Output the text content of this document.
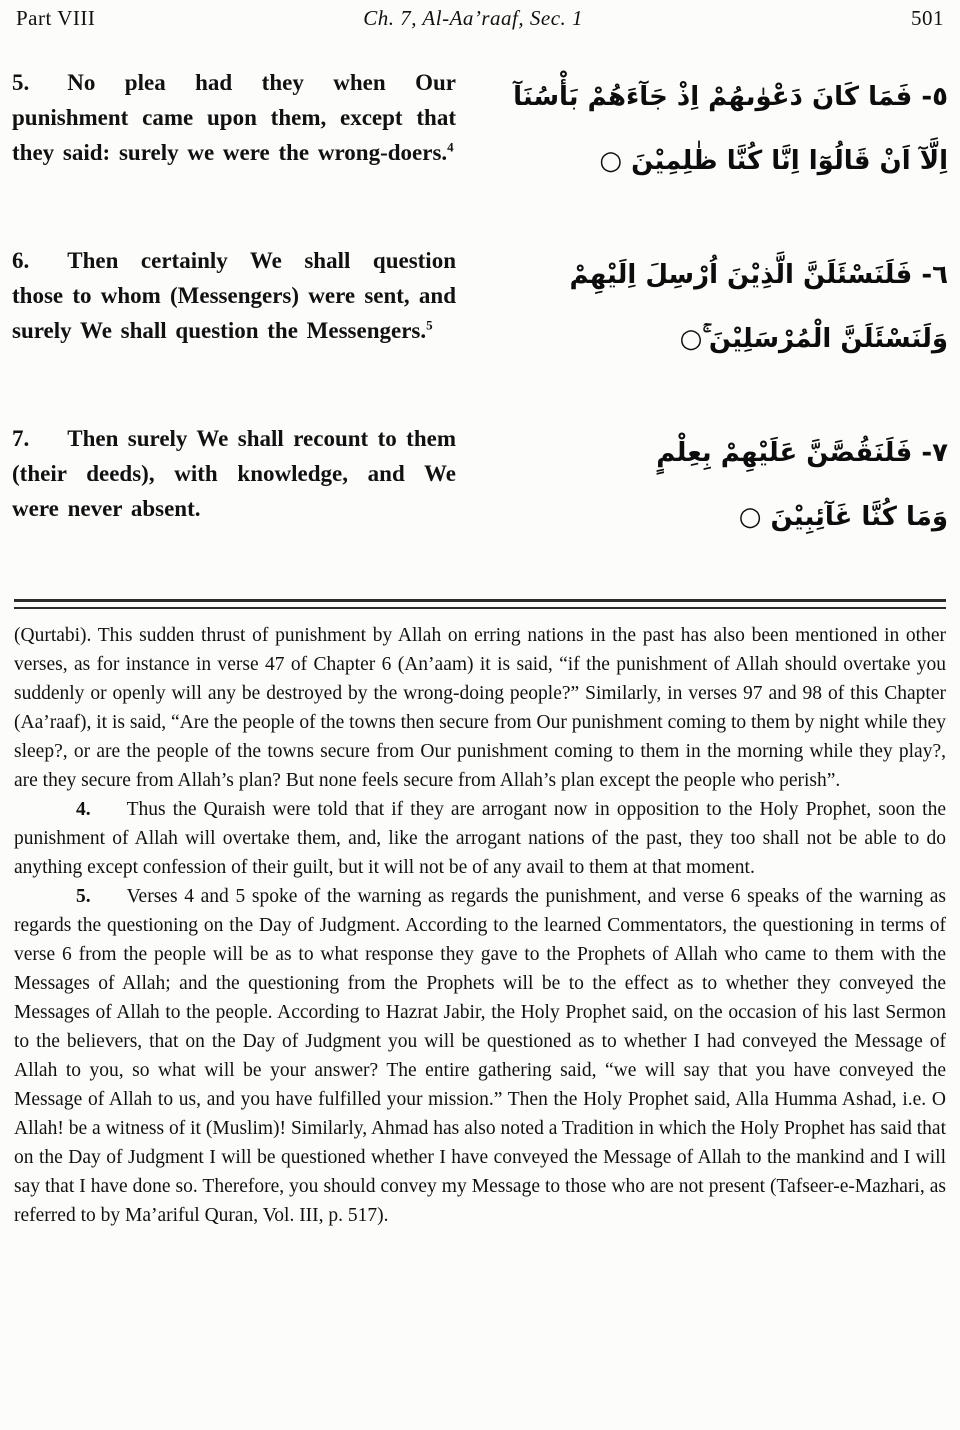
Part VIII	Ch. 7, Al-Aa’raaf, Sec. 1	501
5. No plea had they when Our punishment came upon them, except that they said: surely we were the wrong-doers.$^4$
٥- فَمَا كَانَ دَعْوٰىهُمْ اِذْ جَآءَهُمْ بَأْسُنَآ
اِلَّآ اَنْ قَالُوٓا اِنَّا كُنَّا ظٰلِمِيْنَ ○
6. Then certainly We shall question those to whom (Messengers) were sent, and surely We shall question the Messengers.$^5$
٦- فَلَنَسْئَلَنَّ الَّذِيْنَ اُرْسِلَ اِلَيْهِمْ
وَلَنَسْئَلَنَّ الْمُرْسَلِيْنَ ۚ○
7. Then surely We shall recount to them (their deeds), with knowledge, and We were never absent.
٧- فَلَنَقُصَّنَّ عَلَيْهِمْ بِعِلْمٍ
وَمَا كُنَّا غَآئِبِيْنَ ○

(Qurtabi). This sudden thrust of punishment by Allah on erring nations in the past has also been mentioned in other verses, as for instance in verse 47 of Chapter 6 (An’aam) it is said, “if the punishment of Allah should overtake you suddenly or openly will any be destroyed by the wrong-doing people?” Similarly, in verses 97 and 98 of this Chapter (Aa’raaf), it is said, “Are the people of the towns then secure from Our punishment coming to them by night while they sleep?, or are the people of the towns secure from Our punishment coming to them in the morning while they play?, are they secure from Allah’s plan? But none feels secure from Allah’s plan except the people who perish”.

4. Thus the Quraish were told that if they are arrogant now in opposition to the Holy Prophet, soon the punishment of Allah will overtake them, and, like the arrogant nations of the past, they too shall not be able to do anything except confession of their guilt, but it will not be of any avail to them at that moment.

5. Verses 4 and 5 spoke of the warning as regards the punishment, and verse 6 speaks of the warning as regards the questioning on the Day of Judgment. According to the learned Commentators, the questioning in terms of verse 6 from the people will be as to what response they gave to the Prophets of Allah who came to them with the Messages of Allah; and the questioning from the Prophets will be to the effect as to whether they conveyed the Messages of Allah to the people. According to Hazrat Jabir, the Holy Prophet said, on the occasion of his last Sermon to the believers, that on the Day of Judgment you will be questioned as to whether I had conveyed the Message of Allah to you, so what will be your answer? The entire gathering said, “we will say that you have conveyed the Message of Allah to us, and you have fulfilled your mission.” Then the Holy Prophet said, Alla Humma Ashad, i.e. O Allah! be a witness of it (Muslim)! Similarly, Ahmad has also noted a Tradition in which the Holy Prophet has said that on the Day of Judgment I will be questioned whether I have conveyed the Message of Allah to the mankind and I will say that I have done so. Therefore, you should convey my Message to those who are not present (Tafseer-e-Mazhari, as referred to by Ma’ariful Quran, Vol. III, p. 517).
